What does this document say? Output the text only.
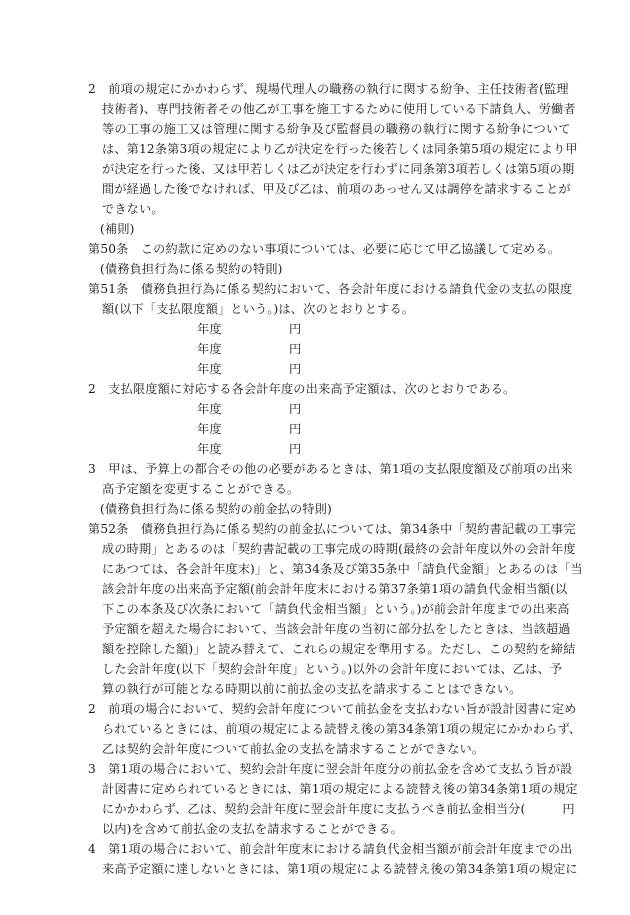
2　前項の規定にかかわらず、現場代理人の職務の執行に関する紛争、主任技術者(監理
技術者)、専門技術者その他乙が工事を施工するために使用している下請負人、労働者
等の工事の施工又は管理に関する紛争及び監督員の職務の執行に関する紛争について
は、第12条第3項の規定により乙が決定を行った後若しくは同条第5項の規定により甲
が決定を行った後、又は甲若しくは乙が決定を行わずに同条第3項若しくは第5項の期
間が経過した後でなければ、甲及び乙は、前項のあっせん又は調停を請求することが
できない。
(補則)
第50条　この約款に定めのない事項については、必要に応じて甲乙協議して定める。
(債務負担行為に係る契約の特則)
第51条　債務負担行為に係る契約において、各会計年度における請負代金の支払の限度
額(以下「支払限度額」という。)は、次のとおりとする。
年度	円
年度	円
年度	円
2　支払限度額に対応する各会計年度の出来高予定額は、次のとおりである。
年度	円
年度	円
年度	円
3　甲は、予算上の都合その他の必要があるときは、第1項の支払限度額及び前項の出来
高予定額を変更することができる。
(債務負担行為に係る契約の前金払の特則)
第52条　債務負担行為に係る契約の前金払については、第34条中「契約書記載の工事完
成の時期」とあるのは「契約書記載の工事完成の時期(最終の会計年度以外の会計年度
にあつては、各会計年度末)」と、第34条及び第35条中「請負代金額」とあるのは「当
該会計年度の出来高予定額(前会計年度末における第37条第1項の請負代金相当額(以
下この本条及び次条において「請負代金相当額」という。)が前会計年度までの出来高
予定額を超えた場合において、当該会計年度の当初に部分払をしたときは、当該超過
額を控除した額)」と読み替えて、これらの規定を準用する。ただし、この契約を締結
した会計年度(以下「契約会計年度」という。)以外の会計年度においては、乙は、予
算の執行が可能となる時期以前に前払金の支払を請求することはできない。
2　前項の場合において、契約会計年度について前払金を支払わない旨が設計図書に定め
られているときには、前項の規定による読替え後の第34条第1項の規定にかかわらず、
乙は契約会計年度について前払金の支払を請求することができない。
3　第1項の場合において、契約会計年度に翌会計年度分の前払金を含めて支払う旨が設
計図書に定められているときには、第1項の規定による読替え後の第34条第1項の規定
にかかわらず、乙は、契約会計年度に翌会計年度に支払うべき前払金相当分(　　　円
以内)を含めて前払金の支払を請求することができる。
4　第1項の場合において、前会計年度末における請負代金相当額が前会計年度までの出
来高予定額に達しないときには、第1項の規定による読替え後の第34条第1項の規定に
